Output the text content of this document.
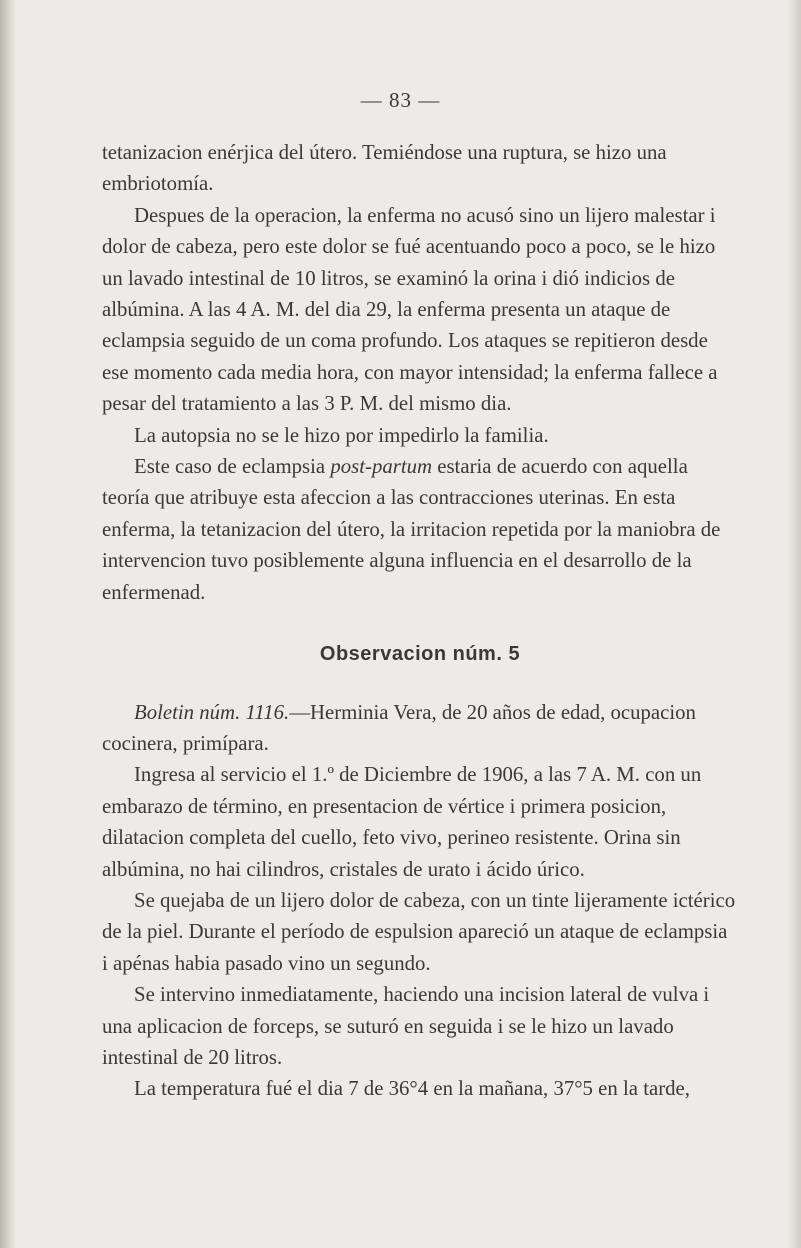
— 83 —

tetanizacion enérjica del útero. Temiéndose una ruptura, se hizo una embriotomía.

Despues de la operacion, la enferma no acusó sino un lijero malestar i dolor de cabeza, pero este dolor se fué acentuando poco a poco, se le hizo un lavado intestinal de 10 litros, se examinó la orina i dió indicios de albúmina. A las 4 A. M. del dia 29, la enferma presenta un ataque de eclampsia seguido de un coma profundo. Los ataques se repitieron desde ese momento cada media hora, con mayor intensidad; la enferma fallece a pesar del tratamiento a las 3 P. M. del mismo dia.

La autopsia no se le hizo por impedirlo la familia.

Este caso de eclampsia post-partum estaria de acuerdo con aquella teoría que atribuye esta afeccion a las contracciones uterinas. En esta enferma, la tetanizacion del útero, la irritacion repetida por la maniobra de intervencion tuvo posiblemente alguna influencia en el desarrollo de la enfermenad.

Observacion núm. 5

Boletin núm. 1116.—Herminia Vera, de 20 años de edad, ocupacion cocinera, primípara.

Ingresa al servicio el 1.º de Diciembre de 1906, a las 7 A. M. con un embarazo de término, en presentacion de vértice i primera posicion, dilatacion completa del cuello, feto vivo, perineo resistente. Orina sin albúmina, no hai cilindros, cristales de urato i ácido úrico.

Se quejaba de un lijero dolor de cabeza, con un tinte lijeramente ictérico de la piel. Durante el período de espulsion apareció un ataque de eclampsia i apénas habia pasado vino un segundo.

Se intervino inmediatamente, haciendo una incision lateral de vulva i una aplicacion de forceps, se suturó en seguida i se le hizo un lavado intestinal de 20 litros.

La temperatura fué el dia 7 de 36°4 en la mañana, 37°5 en la tarde,
